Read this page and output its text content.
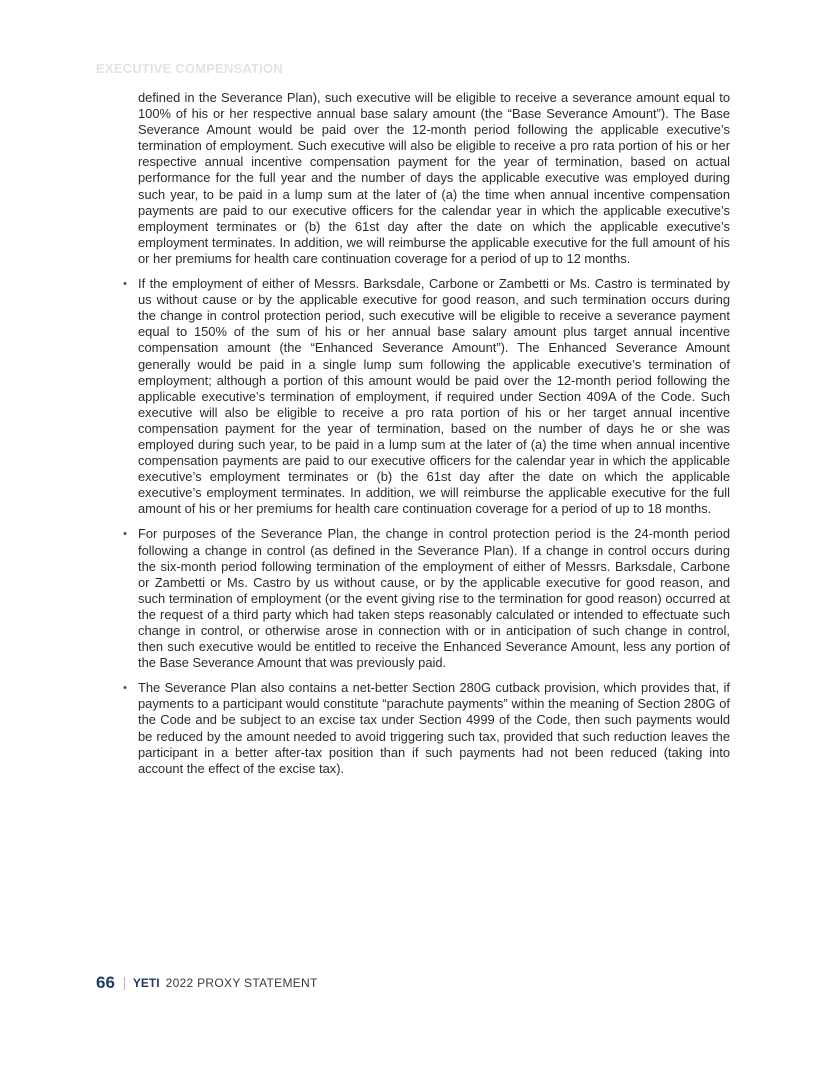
EXECUTIVE COMPENSATION

defined in the Severance Plan), such executive will be eligible to receive a severance amount equal to 100% of his or her respective annual base salary amount (the “Base Severance Amount”). The Base Severance Amount would be paid over the 12-month period following the applicable executive’s termination of employment. Such executive will also be eligible to receive a pro rata portion of his or her respective annual incentive compensation payment for the year of termination, based on actual performance for the full year and the number of days the applicable executive was employed during such year, to be paid in a lump sum at the later of (a) the time when annual incentive compensation payments are paid to our executive officers for the calendar year in which the applicable executive’s employment terminates or (b) the 61st day after the date on which the applicable executive’s employment terminates. In addition, we will reimburse the applicable executive for the full amount of his or her premiums for health care continuation coverage for a period of up to 12 months.

• If the employment of either of Messrs. Barksdale, Carbone or Zambetti or Ms. Castro is terminated by us without cause or by the applicable executive for good reason, and such termination occurs during the change in control protection period, such executive will be eligible to receive a severance payment equal to 150% of the sum of his or her annual base salary amount plus target annual incentive compensation amount (the “Enhanced Severance Amount”). The Enhanced Severance Amount generally would be paid in a single lump sum following the applicable executive’s termination of employment; although a portion of this amount would be paid over the 12-month period following the applicable executive’s termination of employment, if required under Section 409A of the Code. Such executive will also be eligible to receive a pro rata portion of his or her target annual incentive compensation payment for the year of termination, based on the number of days he or she was employed during such year, to be paid in a lump sum at the later of (a) the time when annual incentive compensation payments are paid to our executive officers for the calendar year in which the applicable executive’s employment terminates or (b) the 61st day after the date on which the applicable executive’s employment terminates. In addition, we will reimburse the applicable executive for the full amount of his or her premiums for health care continuation coverage for a period of up to 18 months.
• For purposes of the Severance Plan, the change in control protection period is the 24-month period following a change in control (as defined in the Severance Plan). If a change in control occurs during the six-month period following termination of the employment of either of Messrs. Barksdale, Carbone or Zambetti or Ms. Castro by us without cause, or by the applicable executive for good reason, and such termination of employment (or the event giving rise to the termination for good reason) occurred at the request of a third party which had taken steps reasonably calculated or intended to effectuate such change in control, or otherwise arose in connection with or in anticipation of such change in control, then such executive would be entitled to receive the Enhanced Severance Amount, less any portion of the Base Severance Amount that was previously paid.
• The Severance Plan also contains a net-better Section 280G cutback provision, which provides that, if payments to a participant would constitute “parachute payments” within the meaning of Section 280G of the Code and be subject to an excise tax under Section 4999 of the Code, then such payments would be reduced by the amount needed to avoid triggering such tax, provided that such reduction leaves the participant in a better after-tax position than if such payments had not been reduced (taking into account the effect of the excise tax).
66 YETI 2022 PROXY STATEMENT
